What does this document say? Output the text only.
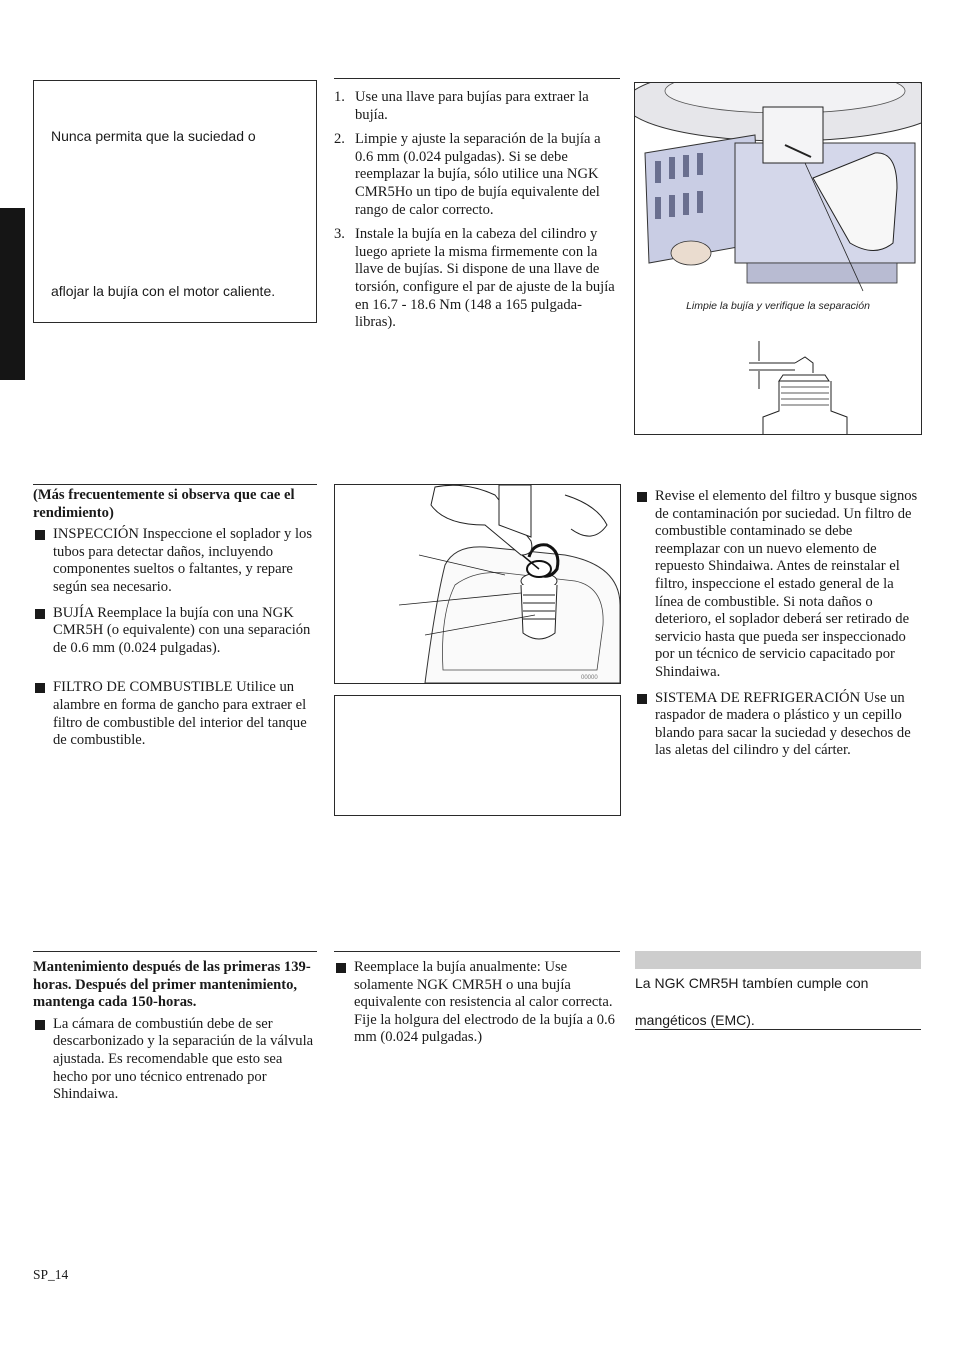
Nunca permita que la suciedad o
aflojar la bujía con el motor caliente.
1. Use una llave para bujías para extraer la bujía.
2. Limpie y ajuste la separación de la bujía a 0.6 mm (0.024 pulgadas). Si se debe reemplazar la bujía, sólo utilice una NGK CMR5Ho un tipo de bujía equivalente del rango de calor correcto.
3. Instale la bujía en la cabeza del cilindro y luego apriete la misma firmemente con la llave de bujías. Si dispone de una llave de torsión, configure el par de ajuste de la bujía en 16.7 - 18.6 Nm (148 a 165 pulgada-libras).
Limpie la bujía y verifique la separación
(Más frecuentemente si observa que cae el rendimiento)
INSPECCIÓN Inspeccione el soplador y los tubos para detectar daños, incluyendo componentes sueltos o faltantes, y repare según sea necesario.
BUJÍA Reemplace la bujía con una NGK CMR5H (o equivalente) con una separación de 0.6 mm (0.024 pulgadas).
FILTRO DE COMBUSTIBLE Utilice un alambre en forma de gancho para extraer el filtro de combustible del interior del tanque de combustible.
00000
Revise el elemento del filtro y busque signos de contaminación por suciedad. Un filtro de combustible contaminado se debe reemplazar con un nuevo elemento de repuesto Shindaiwa. Antes de reinstalar el filtro, inspeccione el estado general de la línea de combustible. Si nota daños o deterioro, el soplador deberá ser retirado de servicio hasta que pueda ser inspeccionado por un técnico de servicio capacitado por Shindaiwa.
SISTEMA DE REFRIGERACIÓN Use un raspador de madera o plástico y un cepillo blando para sacar la suciedad y desechos de las aletas del cilindro y del cárter.
Mantenimiento después de las primeras 139-horas. Después del primer mantenimiento, mantenga cada 150-horas.
La cámara de combustiún debe de ser descarbonizado y la separaciún de la válvula ajustada. Es recomendable que esto sea hecho por uno técnico entrenado por Shindaiwa.
Reemplace la bujía anualmente: Use solamente NGK CMR5H o una bujía equivalente con resistencia al calor correcta. Fije la holgura del electrodo de la bujía a 0.6 mm (0.024 pulgadas.)
La NGK CMR5H tambíen cumple con
mangéticos (EMC).
SP_14
